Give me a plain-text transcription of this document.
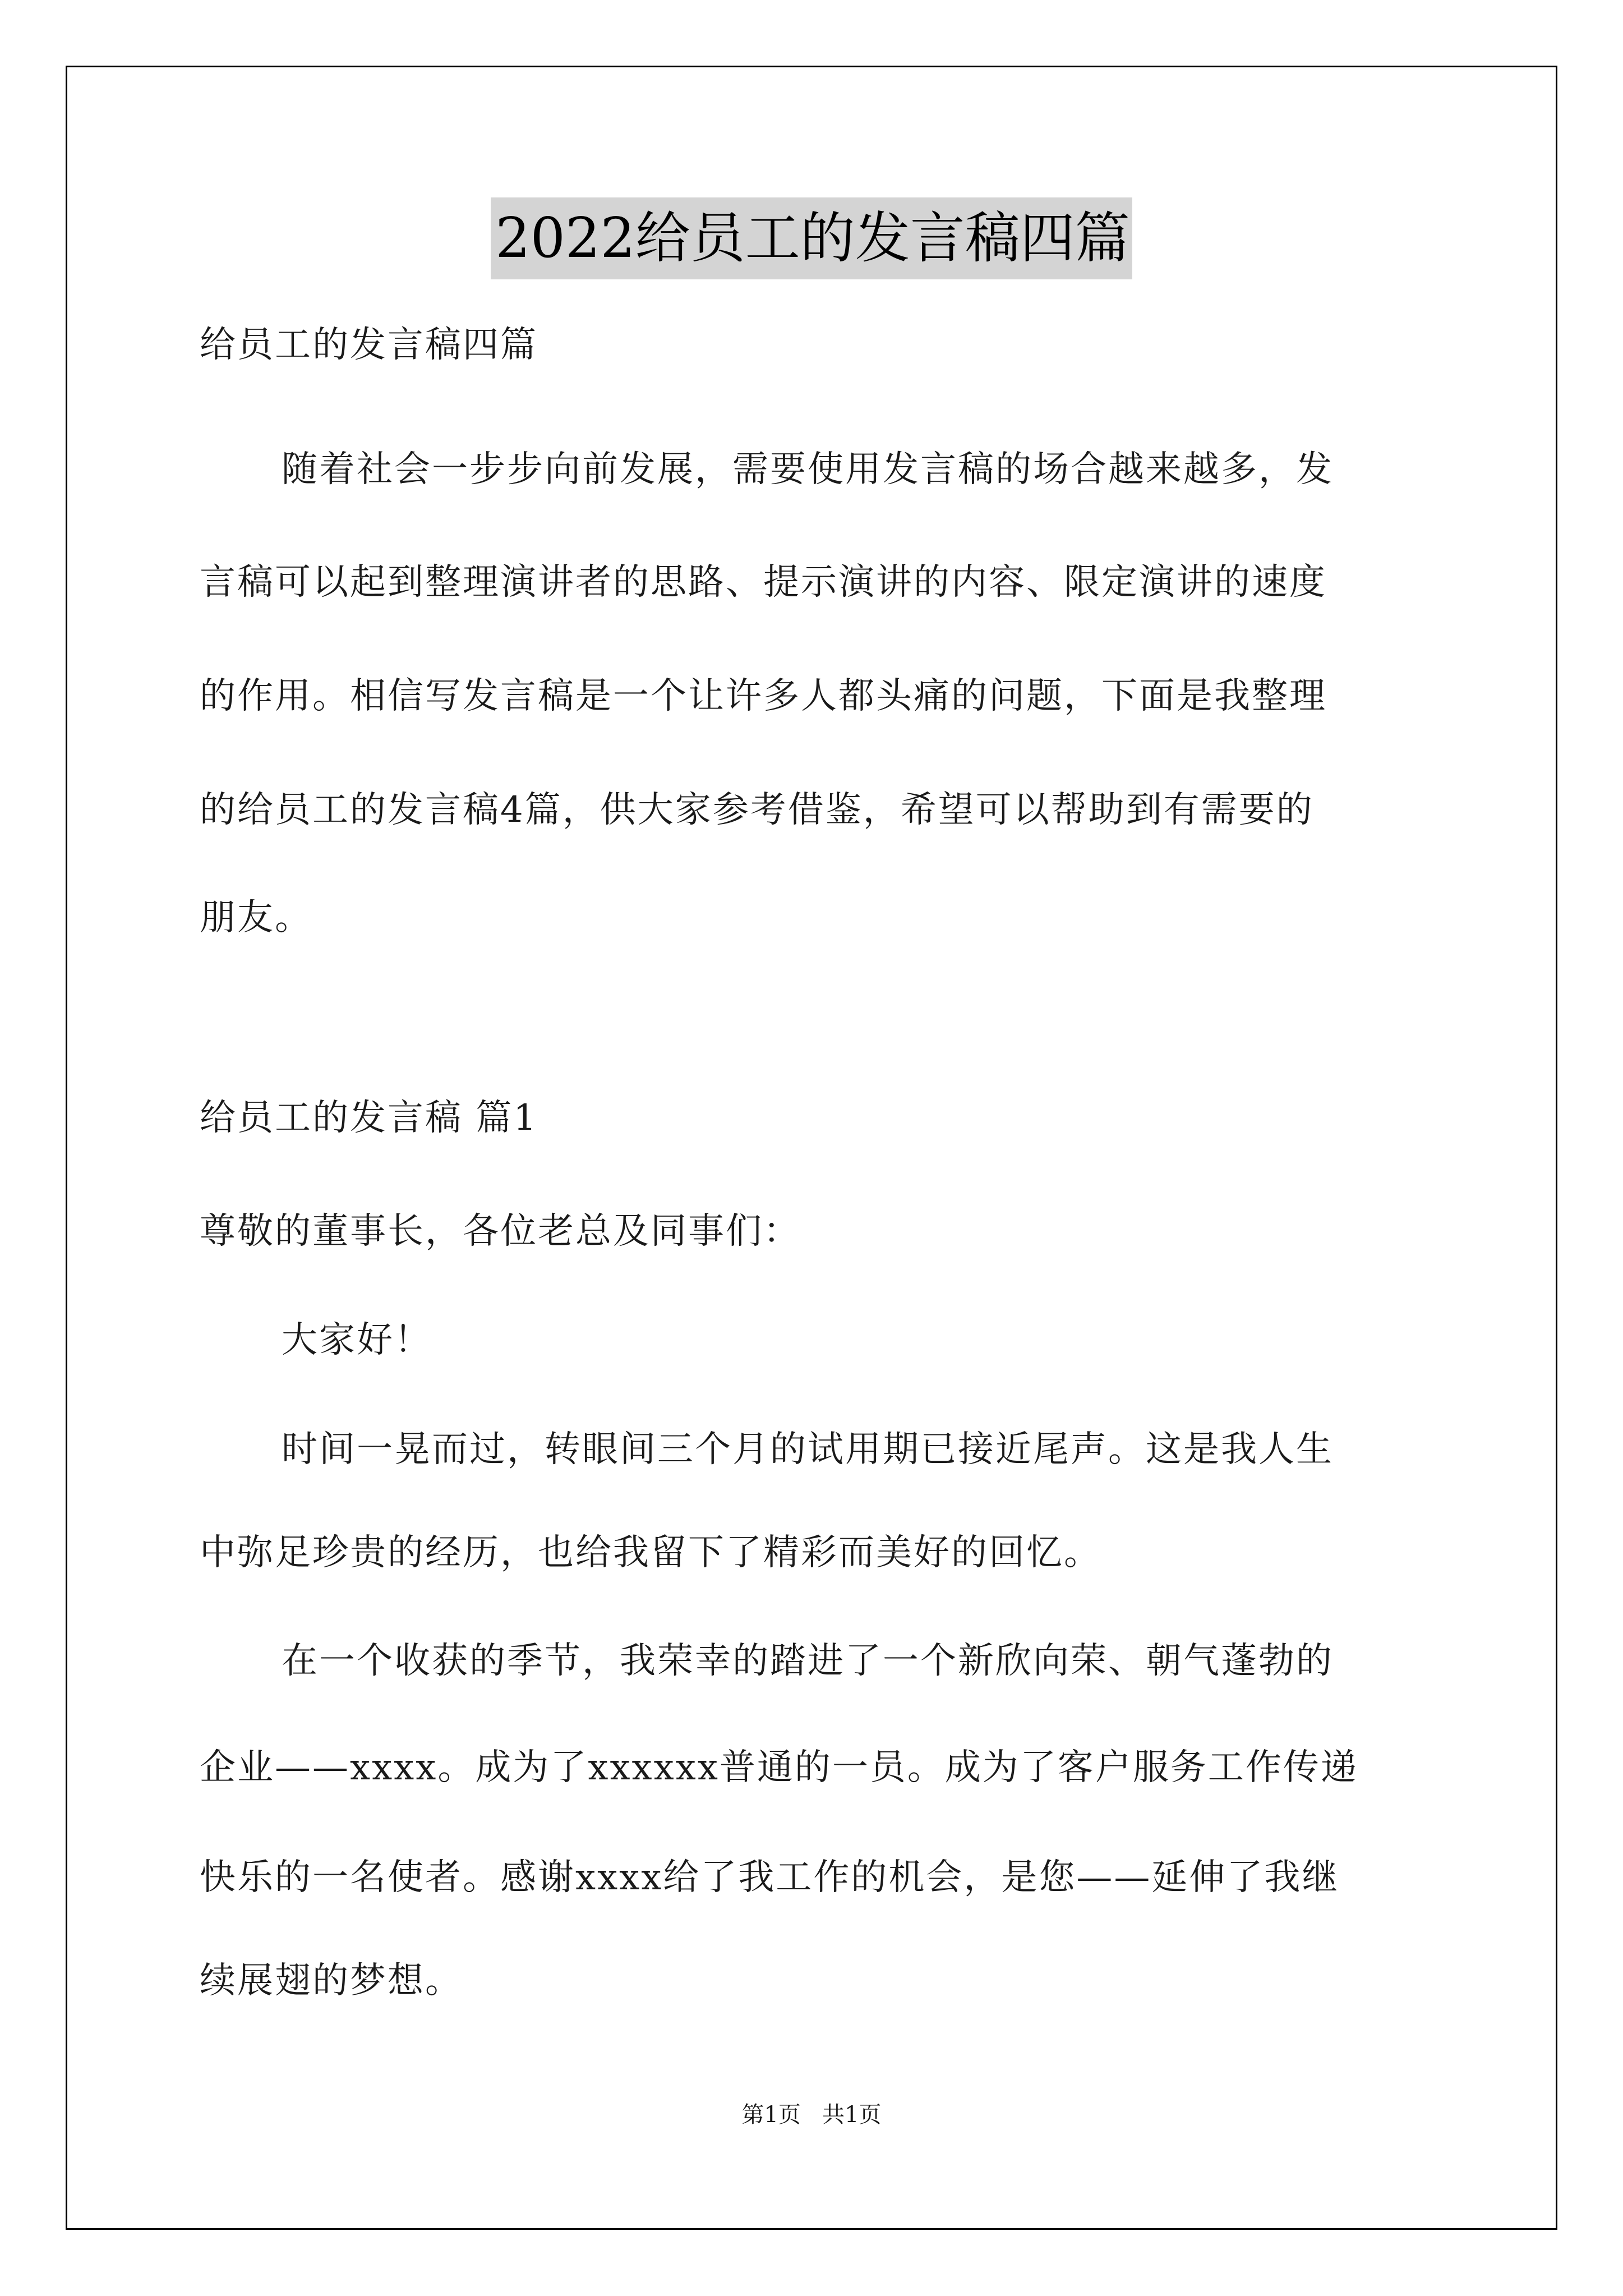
2022给员工的发言稿四篇
给员工的发言稿四篇
随着社会一步步向前发展，需要使用发言稿的场合越来越多，发
言稿可以起到整理演讲者的思路、提示演讲的内容、限定演讲的速度
的作用。相信写发言稿是一个让许多人都头痛的问题，下面是我整理
的给员工的发言稿4篇，供大家参考借鉴，希望可以帮助到有需要的
朋友。
给员工的发言稿 篇1
尊敬的董事长，各位老总及同事们：
大家好！
时间一晃而过，转眼间三个月的试用期已接近尾声。这是我人生
中弥足珍贵的经历，也给我留下了精彩而美好的回忆。
在一个收获的季节，我荣幸的踏进了一个新欣向荣、朝气蓬勃的
企业——xxxx。成为了xxxxxx普通的一员。成为了客户服务工作传递
快乐的一名使者。感谢xxxx给了我工作的机会，是您——延伸了我继
续展翅的梦想。
第1页   共1页
